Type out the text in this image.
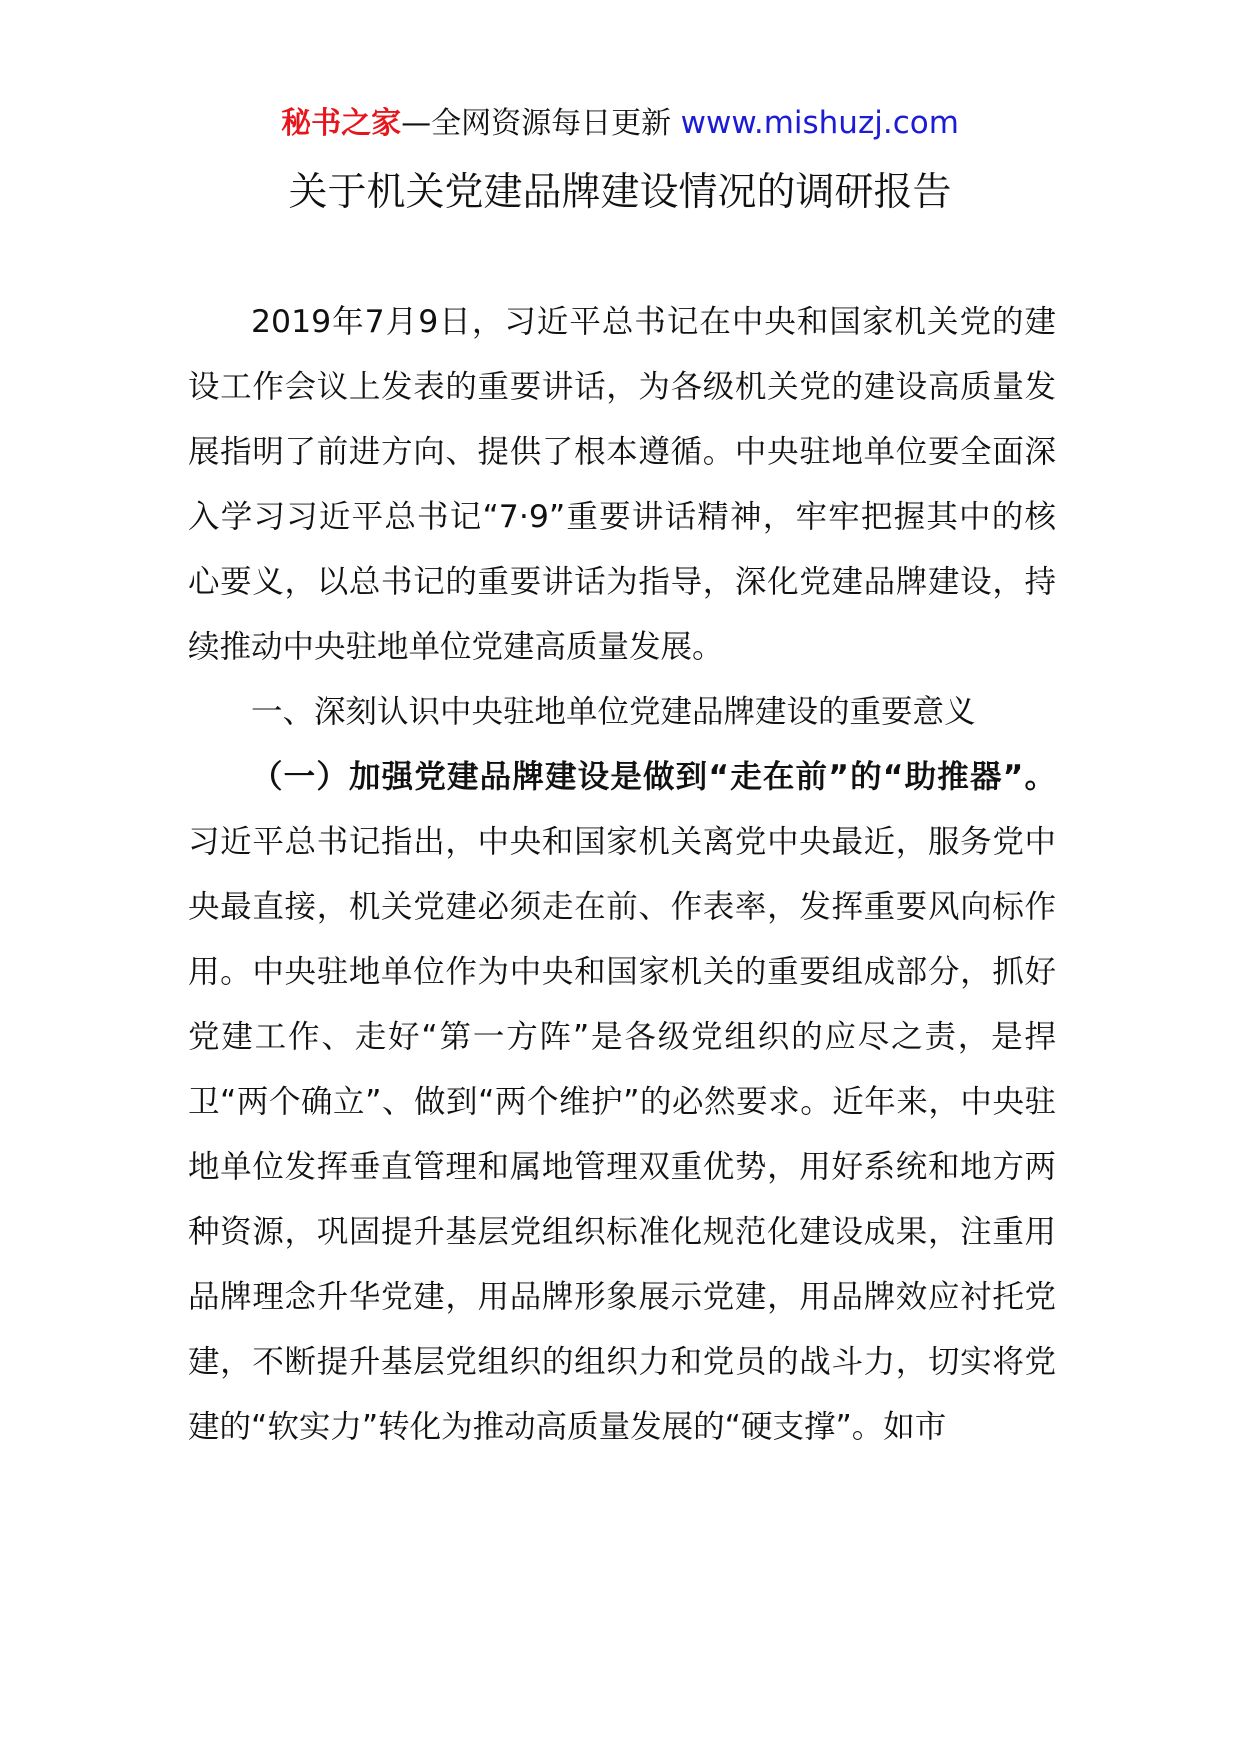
秘书之家—全网资源每日更新 www.mishuzj.com
关于机关党建品牌建设情况的调研报告

2019年7月9日，习近平总书记在中央和国家机关党的建设工作会议上发表的重要讲话，为各级机关党的建设高质量发展指明了前进方向、提供了根本遵循。中央驻地单位要全面深入学习习近平总书记“7·9”重要讲话精神，牢牢把握其中的核心要义，以总书记的重要讲话为指导，深化党建品牌建设，持续推动中央驻地单位党建高质量发展。

一、深刻认识中央驻地单位党建品牌建设的重要意义

（一）加强党建品牌建设是做到“走在前”的“助推器”。习近平总书记指出，中央和国家机关离党中央最近，服务党中央最直接，机关党建必须走在前、作表率，发挥重要风向标作用。中央驻地单位作为中央和国家机关的重要组成部分，抓好党建工作、走好“第一方阵”是各级党组织的应尽之责，是捍卫“两个确立”、做到“两个维护”的必然要求。近年来，中央驻地单位发挥垂直管理和属地管理双重优势，用好系统和地方两种资源，巩固提升基层党组织标准化规范化建设成果，注重用品牌理念升华党建，用品牌形象展示党建，用品牌效应衬托党建，不断提升基层党组织的组织力和党员的战斗力，切实将党建的“软实力”转化为推动高质量发展的“硬支撑”。如市
